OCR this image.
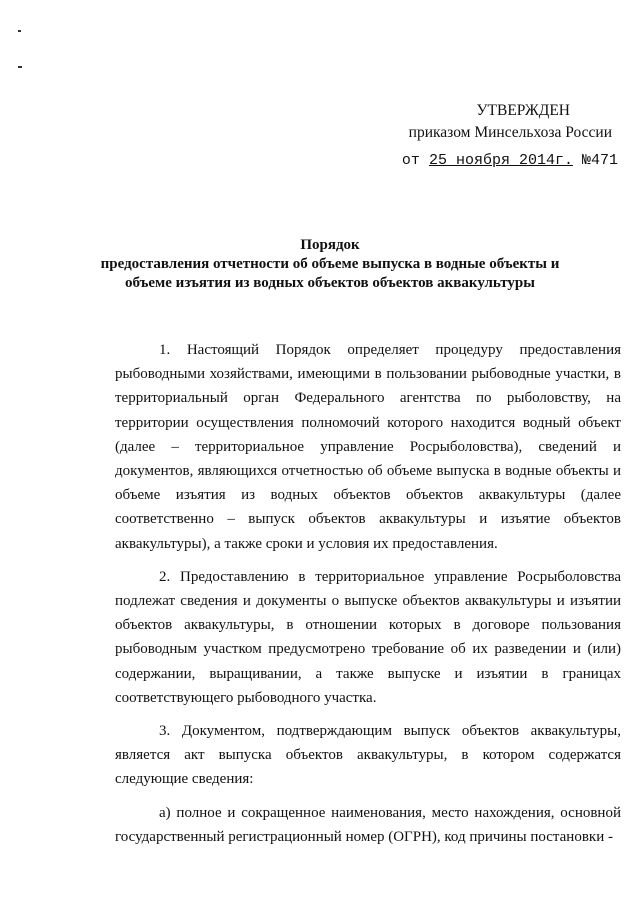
УТВЕРЖДЕН
приказом Минсельхоза России
от 25 ноября 2014г. №471
Порядок
предоставления отчетности об объеме выпуска в водные объекты и объеме изъятия из водных объектов объектов аквакультуры

1. Настоящий Порядок определяет процедуру предоставления рыбоводными хозяйствами, имеющими в пользовании рыбоводные участки, в территориальный орган Федерального агентства по рыболовству, на территории осуществления полномочий которого находится водный объект (далее – территориальное управление Росрыболовства), сведений и документов, являющихся отчетностью об объеме выпуска в водные объекты и объеме изъятия из водных объектов объектов аквакультуры (далее соответственно – выпуск объектов аквакультуры и изъятие объектов аквакультуры), а также сроки и условия их предоставления.

2. Предоставлению в территориальное управление Росрыболовства подлежат сведения и документы о выпуске объектов аквакультуры и изъятии объектов аквакультуры, в отношении которых в договоре пользования рыбоводным участком предусмотрено требование об их разведении и (или) содержании, выращивании, а также выпуске и изъятии в границах соответствующего рыбоводного участка.

3. Документом, подтверждающим выпуск объектов аквакультуры, является акт выпуска объектов аквакультуры, в котором содержатся следующие сведения:

а) полное и сокращенное наименования, место нахождения, основной государственный регистрационный номер (ОГРН), код причины постановки -
